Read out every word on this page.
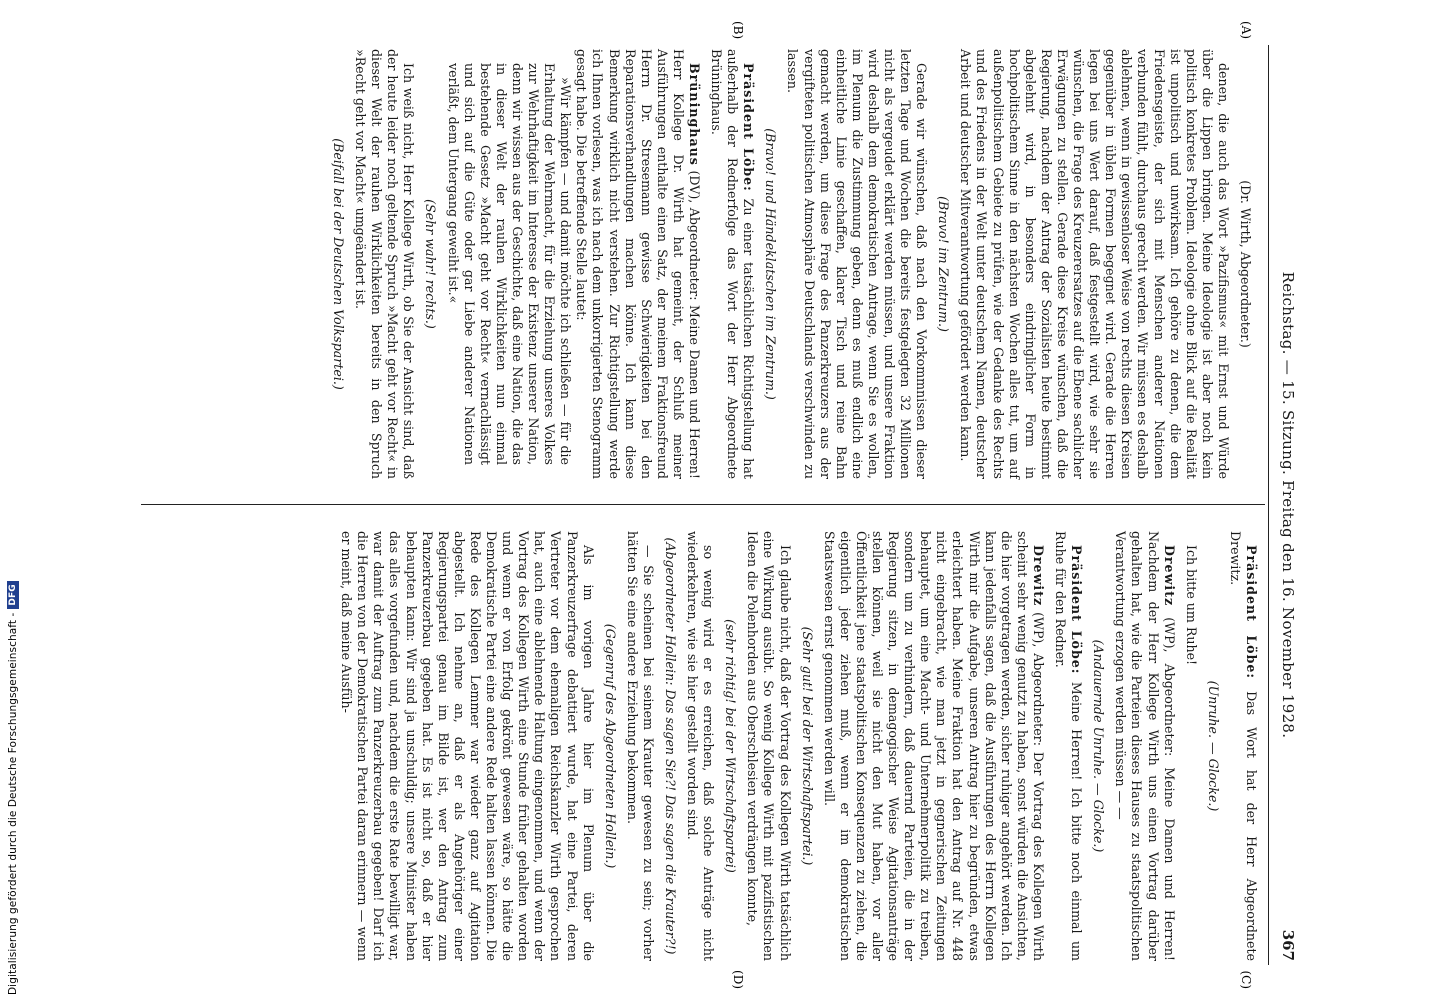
Digitalisierung gefördert durch die Deutsche Forschungsgemeinschaft -
DFG	Reichstag. — 15. Sitzung. Freitag den 16. November 1928.
367
(A)
(B)
(C)
(D)

(Dr. Wirth, Abgeordneter.)

denen, die auch das Wort »Pazifismus« mit Ernst und Würde über die Lippen bringen. Meine Ideologie ist aber noch kein politisch konkretes Problem. Ideologie ohne Blick auf die Realität ist unpolitisch und unwirksam. Ich gehöre zu denen, die dem Friedensgeiste, der sich mit Menschen anderer Nationen verbunden fühlt, durchaus gerecht werden. Wir müssen es deshalb ablehnen, wenn in gewissenloser Weise von rechts diesen Kreisen gegenüber in üblen Formen begegnet wird. Gerade die Herren legen bei uns Wert darauf, daß festgestellt wird, wie sehr sie wünschen, die Frage des Kreuzerersatzes auf die Ebene sachlicher Erwägungen zu stellen. Gerade diese Kreise wünschen, daß die Regierung, nachdem der Antrag der Sozialisten heute bestimmt abgelehnt wird, in besonders eindringlicher Form in hochpolitischem Sinne in den nächsten Wochen alles tut, um auf außenpolitischem Gebiete zu prüfen, wie der Gedanke des Rechts und des Friedens in der Welt unter deutschem Namen, deutscher Arbeit und deutscher Mitverantwortung gefördert werden kann.

(Bravo! im Zentrum.)

Gerade wir wünschen, daß nach den Vorkommnissen dieser letzten Tage und Wochen die bereits festgelegten 32 Millionen nicht als vergeudet erklärt werden müssen, und unsere Fraktion wird deshalb dem demokratischen Antrage, wenn Sie es wollen, im Plenum die Zustimmung geben, denn es muß endlich eine einheitliche Linie geschaffen, klarer Tisch und reine Bahn gemacht werden, um diese Frage des Panzerkreuzers aus der vergifteten politischen Atmosphäre Deutschlands verschwinden zu lassen.

(Bravo! und Händeklatschen im Zentrum.)

Präsident Löbe: Zu einer tatsächlichen Richtigstellung hat außerhalb der Rednerfolge das Wort der Herr Abgeordnete Brüninghaus.

Brüninghaus (DV), Abgeordneter: Meine Damen und Herren! Herr Kollege Dr. Wirth hat gemeint, der Schluß meiner Ausführungen enthalte einen Satz, der meinem Fraktionsfreund Herrn Dr. Stresemann gewisse Schwierigkeiten bei den Reparationsverhandlungen machen könne. Ich kann diese Bemerkung wirklich nicht verstehen. Zur Richtigstellung werde ich Ihnen vorlesen, was ich nach dem unkorrigierten Stenogramm gesagt habe. Die betreffende Stelle lautet:

»Wir kämpfen — und damit möchte ich schließen — für die Erhaltung der Wehrmacht, für die Erziehung unseres Volkes zur Wehrhaftigkeit im Interesse der Existenz unserer Nation, denn wir wissen aus der Geschichte, daß eine Nation, die das in dieser Welt der rauhen Wirklichkeiten nun einmal bestehende Gesetz »Macht geht vor Recht« vernachlässigt und sich auf die Güte oder gar Liebe anderer Nationen verläßt, dem Untergang geweiht ist.«

(Sehr wahr! rechts.)

Ich weiß nicht, Herr Kollege Wirth, ob Sie der Ansicht sind, daß der heute leider noch geltende Spruch »Macht geht vor Recht« in dieser Welt der rauhen Wirklichkeiten bereits in den Spruch »Recht geht vor Macht« umgeändert ist.

(Beifall bei der Deutschen Volkspartei.)

Präsident Löbe: Das Wort hat der Herr Abgeordnete Drewitz.

(Unruhe. — Glocke.)

Ich bitte um Ruhe!

Drewitz (WP), Abgeordneter: Meine Damen und Herren! Nachdem der Herr Kollege Wirth uns einen Vortrag darüber gehalten hat, wie die Parteien dieses Hauses zu staatspolitischen Verantwortung erzogen werden müssen — —

(Andauernde Unruhe. — Glocke.)

Präsident Löbe: Meine Herren! Ich bitte noch einmal um Ruhe für den Redner.

Drewitz (WP), Abgeordneter: Der Vortrag des Kollegen Wirth scheint sehr wenig genutzt zu haben, sonst würden die Ansichten, die hier vorgetragen werden, sicher ruhiger angehört werden. Ich kann jedenfalls sagen, daß die Ausführungen des Herrn Kollegen Wirth mir die Aufgabe, unseren Antrag hier zu begründen, etwas erleichtert haben. Meine Fraktion hat den Antrag auf Nr. 448 nicht eingebracht, wie man jetzt in gegnerischen Zeitungen behauptet, um eine Macht- und Unternehmerpolitik zu treiben, sondern um zu verhindern, daß dauernd Parteien, die in der Regierung sitzen, in demagogischer Weise Agitationsanträge stellen können, weil sie nicht den Mut haben, vor aller Öffentlichkeit jene staatspolitischen Konsequenzen zu ziehen, die eigentlich jeder ziehen muß, wenn er im demokratischen Staatswesen ernst genommen werden will.

(Sehr gut! bei der Wirtschaftspartei.)

Ich glaube nicht, daß der Vortrag des Kollegen Wirth tatsächlich eine Wirkung ausübt. So wenig Kollege Wirth mit pazifistischen Ideen die Polenhorden aus Oberschlesien verdrängen konnte,

(sehr richtig! bei der Wirtschaftspartei)

so wenig wird er es erreichen, daß solche Anträge nicht wiederkehren, wie sie hier gestellt worden sind.

(Abgeordneter Hollein: Das sagen Sie?! Das sagen die Krauter?!)

— Sie scheinen bei seinem Krauter gewesen zu sein; vorher hätten Sie eine andere Erziehung bekommen.

(Gegenruf des Abgeordneten Hollein.)

Als im vorigen Jahre hier im Plenum über die Panzerkreuzerfrage debattiert wurde, hat eine Partei, deren Vertreter vor dem ehemaligen Reichskanzler Wirth gesprochen hat, auch eine ablehnende Haltung eingenommen, und wenn der Vortrag des Kollegen Wirth eine Stunde früher gehalten worden und wenn er von Erfolg gekrönt gewesen wäre, so hätte die Demokratische Partei eine andere Rede halten lassen können. Die Rede des Kollegen Lemmer war wieder ganz auf Agitation abgestellt. Ich nehme an, daß er als Angehöriger einer Regierungspartei genau im Bilde ist, wer den Antrag zum Panzerkreuzerbau gegeben hat. Es ist nicht so, daß er hier behaupten kann: Wir sind ja unschuldig; unsere Minister haben das alles vorgefunden und, nachdem die erste Rate bewilligt war, war damit der Auftrag zum Panzerkreuzerbau gegeben! Darf ich die Herren von der Demokratischen Partei daran erinnern — wenn er meint, daß meine Ausfüh-
